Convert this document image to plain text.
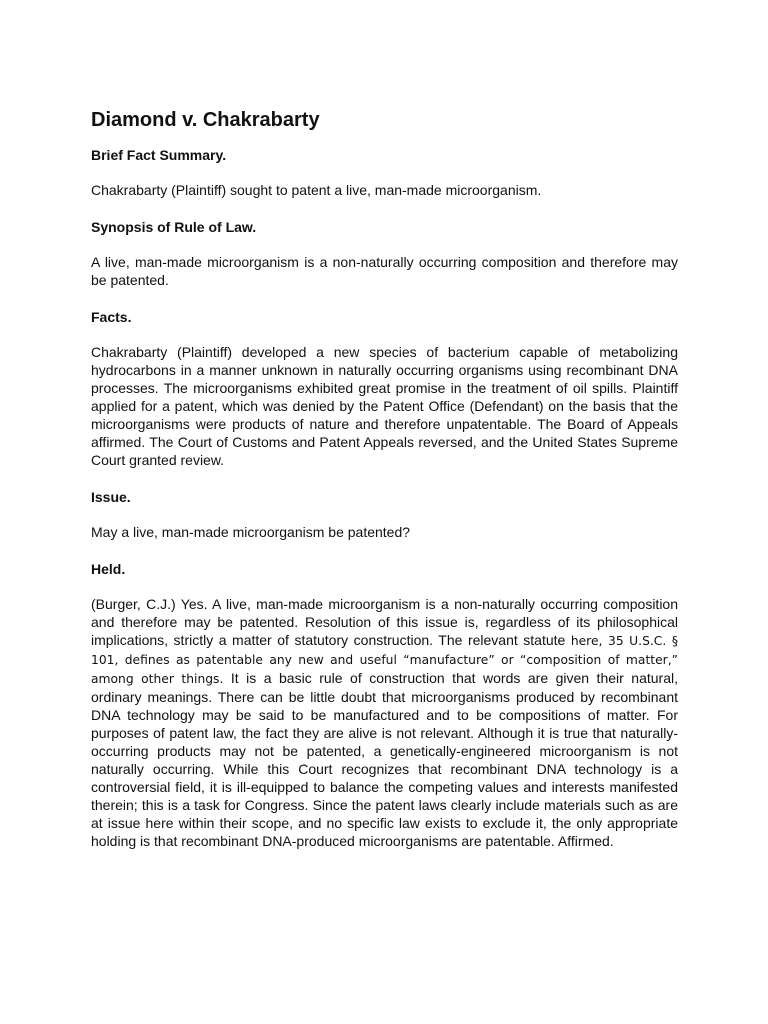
Diamond v. Chakrabarty
Brief Fact Summary.

Chakrabarty (Plaintiff) sought to patent a live, man-made microorganism.

Synopsis of Rule of Law.

A live, man-made microorganism is a non-naturally occurring composition and therefore may be patented.

Facts.

Chakrabarty (Plaintiff) developed a new species of bacterium capable of metabolizing hydrocarbons in a manner unknown in naturally occurring organisms using recombinant DNA processes. The microorganisms exhibited great promise in the treatment of oil spills. Plaintiff applied for a patent, which was denied by the Patent Office (Defendant) on the basis that the microorganisms were products of nature and therefore unpatentable. The Board of Appeals affirmed. The Court of Customs and Patent Appeals reversed, and the United States Supreme Court granted review.

Issue.

May a live, man-made microorganism be patented?

Held.

(Burger, C.J.) Yes. A live, man-made microorganism is a non-naturally occurring composition and therefore may be patented. Resolution of this issue is, regardless of its philosophical implications, strictly a matter of statutory construction. The relevant statute here, 35 U.S.C. § 101, defines as patentable any new and useful “manufacture” or “composition of matter,” among other things. It is a basic rule of construction that words are given their natural, ordinary meanings. There can be little doubt that microorganisms produced by recombinant DNA technology may be said to be manufactured and to be compositions of matter. For purposes of patent law, the fact they are alive is not relevant. Although it is true that naturally-occurring products may not be patented, a genetically-engineered microorganism is not naturally occurring. While this Court recognizes that recombinant DNA technology is a controversial field, it is ill-equipped to balance the competing values and interests manifested therein; this is a task for Congress. Since the patent laws clearly include materials such as are at issue here within their scope, and no specific law exists to exclude it, the only appropriate holding is that recombinant DNA-produced microorganisms are patentable. Affirmed.
